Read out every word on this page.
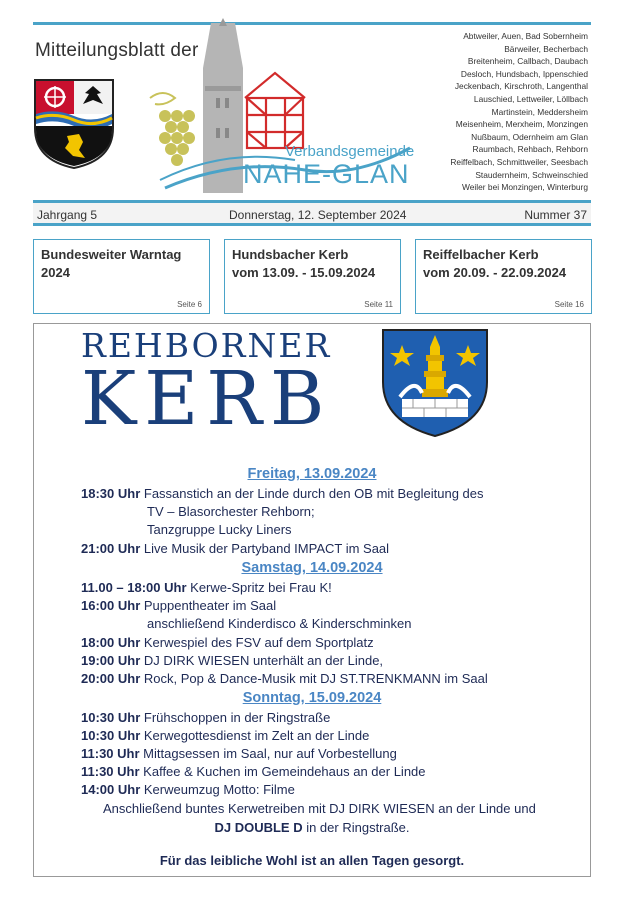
Mitteilungsblatt der
Verbandsgemeinde
NAHE-GLAN
Abtweiler, Auen, Bad Sobernheim
Bärweiler, Becherbach
Breitenheim, Callbach, Daubach
Desloch, Hundsbach, Ippenschied
Jeckenbach, Kirschroth, Langenthal
Lauschied, Lettweiler, Löllbach
Martinstein, Meddersheim
Meisenheim, Merxheim, Monzingen
Nußbaum, Odernheim am Glan
Raumbach, Rehbach, Rehborn
Reiffelbach, Schmittweiler, Seesbach
Staudernheim, Schweinschied
Weiler bei Monzingen, Winterburg
Jahrgang 5	Donnerstag, 12. September 2024	Nummer 37
Bundesweiter Warntag
2024
Seite 6
Hundsbacher Kerb
vom 13.09. - 15.09.2024
Seite 11
Reiffelbacher Kerb
vom 20.09. - 22.09.2024
Seite 16
REHBORNER
KERB
Freitag, 13.09.2024
18:30 Uhr Fassanstich an der Linde durch den OB mit Begleitung des
TV – Blasorchester Rehborn;
Tanzgruppe Lucky Liners
21:00 Uhr Live Musik der Partyband IMPACT im Saal
Samstag, 14.09.2024
11.00 – 18:00 Uhr Kerwe-Spritz bei Frau K!
16:00 Uhr Puppentheater im Saal
anschließend Kinderdisco & Kinderschminken
18:00 Uhr Kerwespiel des FSV auf dem Sportplatz
19:00 Uhr DJ DIRK WIESEN unterhält an der Linde,
20:00 Uhr Rock, Pop & Dance-Musik mit DJ ST.TRENKMANN im Saal
Sonntag, 15.09.2024
10:30 Uhr Frühschoppen in der Ringstraße
10:30 Uhr Kerwegottesdienst im Zelt an der Linde
11:30 Uhr Mittagsessen im Saal, nur auf Vorbestellung
11:30 Uhr Kaffee & Kuchen im Gemeindehaus an der Linde
14:00 Uhr Kerweumzug Motto: Filme
Anschließend buntes Kerwetreiben mit DJ DIRK WIESEN an der Linde und
DJ DOUBLE D in der Ringstraße.
Für das leibliche Wohl ist an allen Tagen gesorgt.
